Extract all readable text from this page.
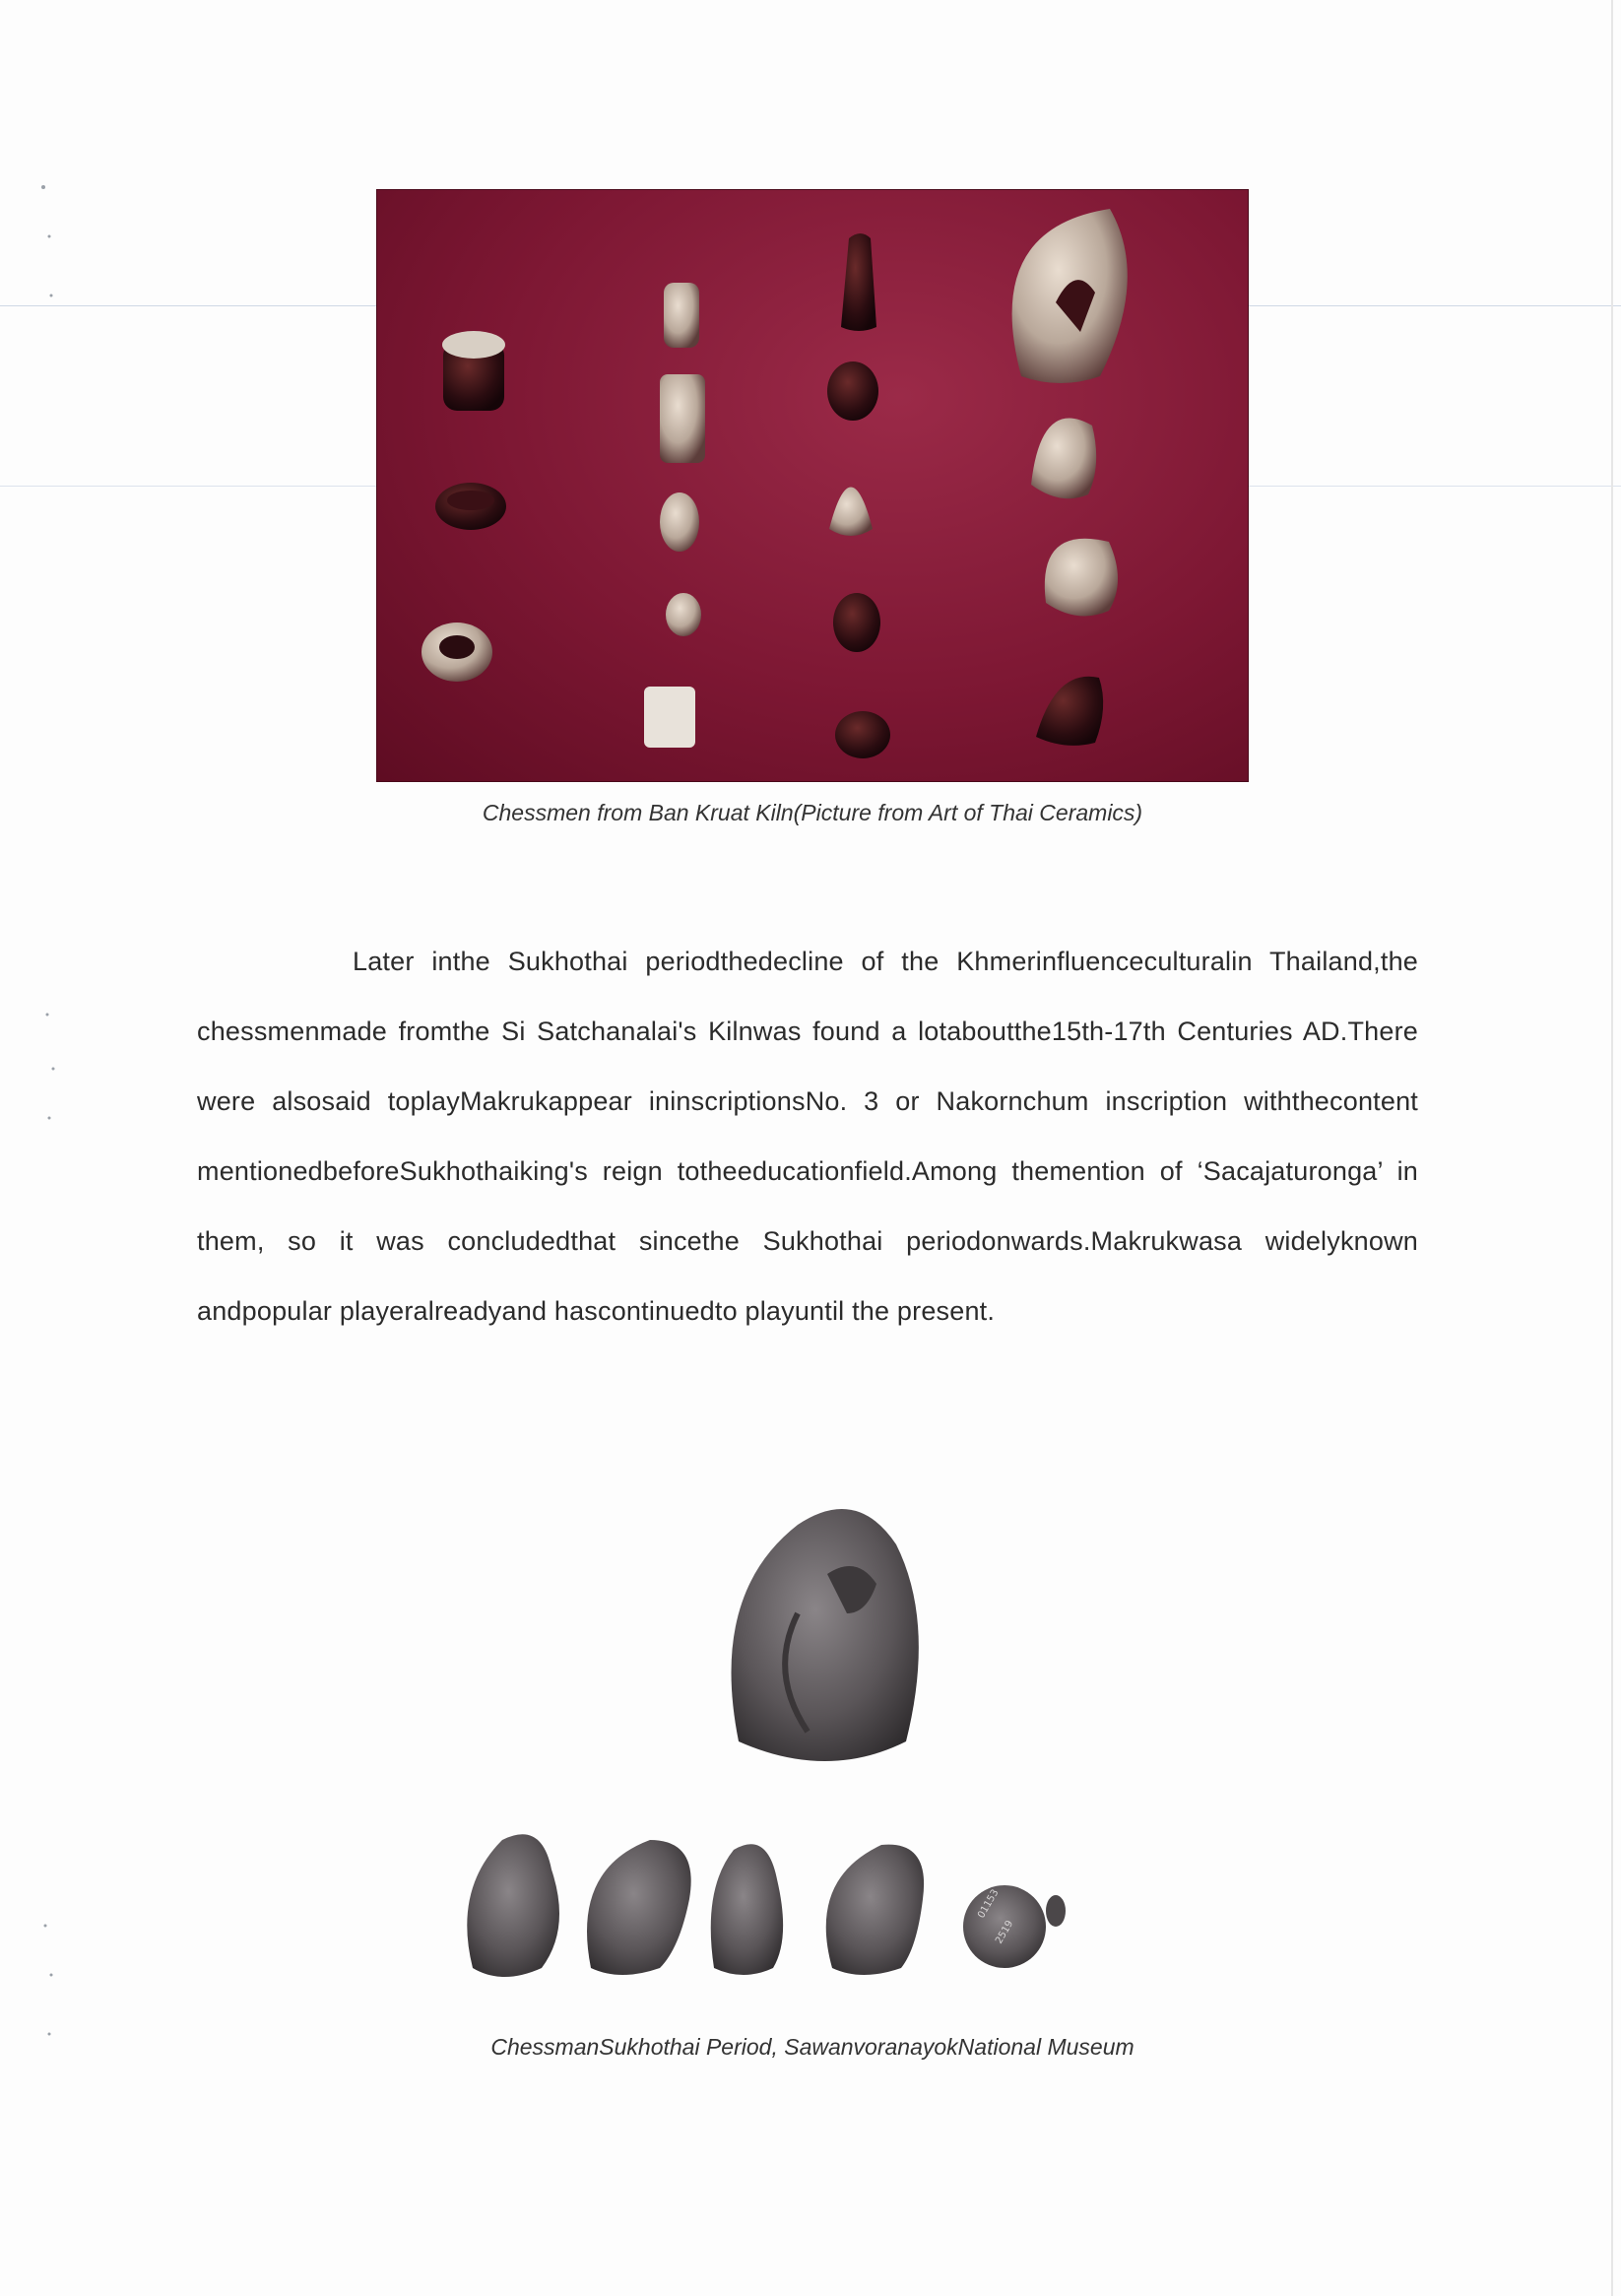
Chessmen from Ban Kruat Kiln(Picture from Art of Thai Ceramics)

Later inthe Sukhothai periodthedecline of the Khmerinfluenceculturalin Thailand,the chessmenmade fromthe Si Satchanalai's Kilnwas found a lotaboutthe15th-17th Centuries AD.There were alsosaid toplayMakrukappear ininscriptionsNo. 3 or Nakornchum inscription withthecontent mentionedbeforeSukhothaiking's reign totheeducationfield.Among themention of ‘Sacajaturonga’ in them, so it was concludedthat sincethe Sukhothai periodonwards.Makrukwasa widelyknown andpopular playeralreadyand hascontinuedto playuntil the present.

01153
2519
ChessmanSukhothai Period, SawanvoranayokNational Museum
